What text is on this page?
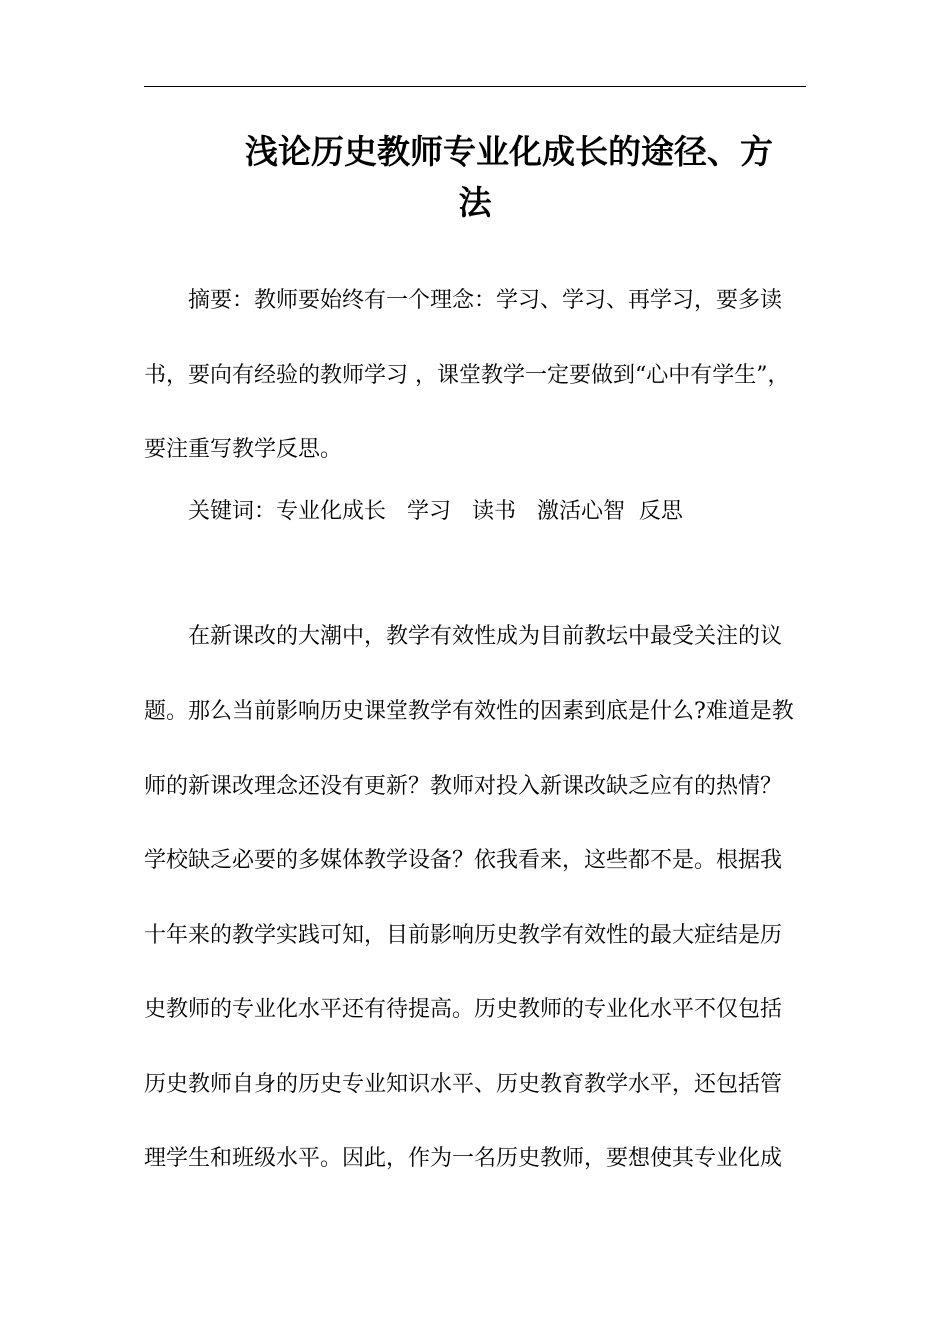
浅论历史教师专业化成长的途径、方
法
摘要：教师要始终有一个理念：学习、学习、再学习，要多读
书，要向有经验的教师学习 ，课堂教学一定要做到“心中有学生”，
要注重写教学反思。
关键词：专业化成长   学习   读书   激活心智  反思
在新课改的大潮中，教学有效性成为目前教坛中最受关注的议
题。那么当前影响历史课堂教学有效性的因素到底是什么?难道是教
师的新课改理念还没有更新？教师对投入新课改缺乏应有的热情？
学校缺乏必要的多媒体教学设备？依我看来，这些都不是。根据我
十年来的教学实践可知，目前影响历史教学有效性的最大症结是历
史教师的专业化水平还有待提高。历史教师的专业化水平不仅包括
历史教师自身的历史专业知识水平、历史教育教学水平，还包括管
理学生和班级水平。因此，作为一名历史教师，要想使其专业化成
